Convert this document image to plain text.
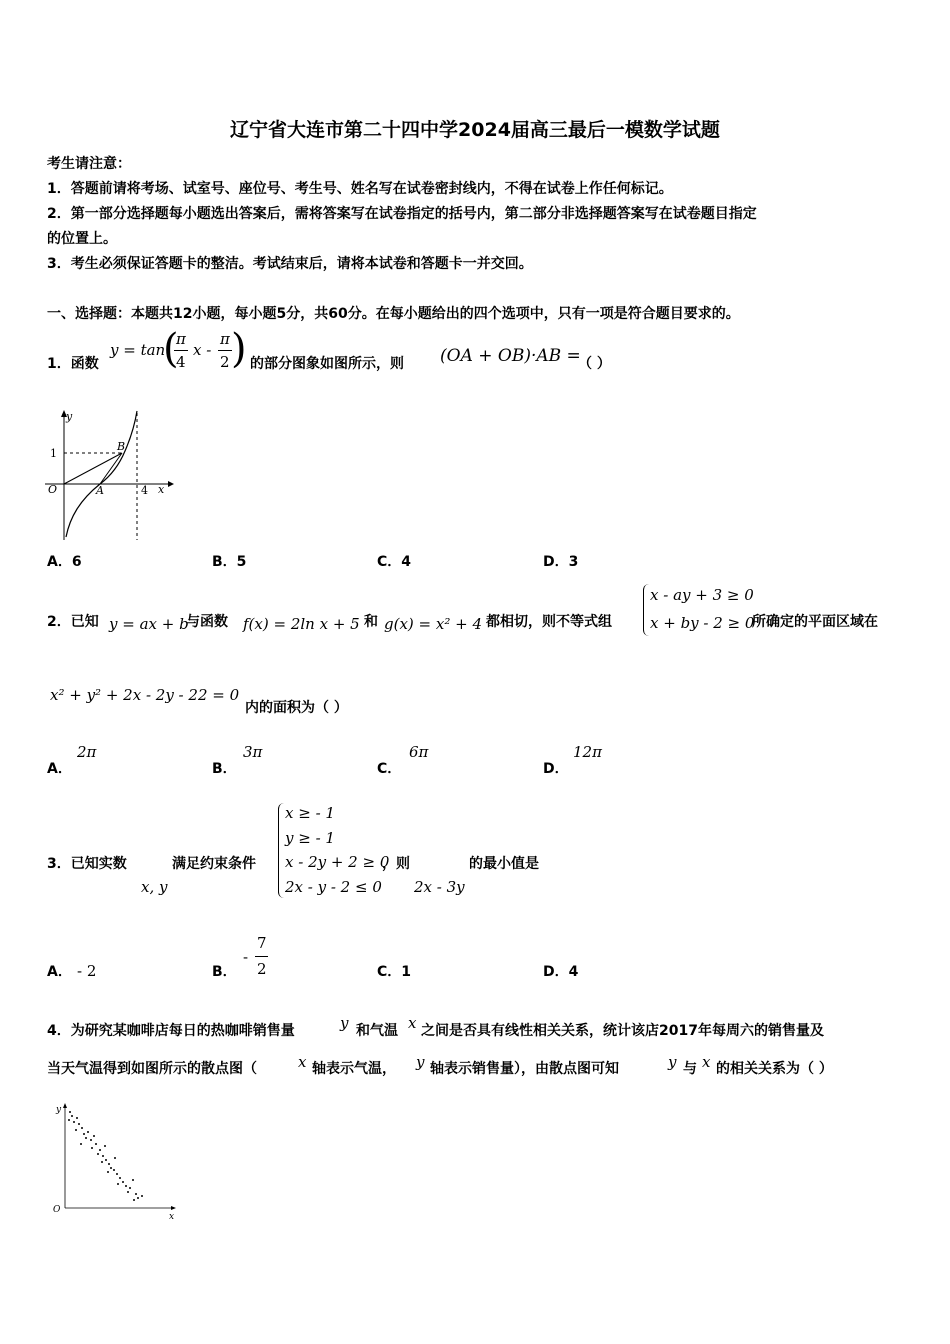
辽宁省大连市第二十四中学2024届高三最后一模数学试题
考生请注意：
1．答题前请将考场、试室号、座位号、考生号、姓名写在试卷密封线内，不得在试卷上作任何标记。
2．第一部分选择题每小题选出答案后，需将答案写在试卷指定的括号内，第二部分非选择题答案写在试卷题目指定
的位置上。
3．考生必须保证答题卡的整洁。考试结束后，请将本试卷和答题卡一并交回。
一、选择题：本题共12小题，每小题5分，共60分。在每小题给出的四个选项中，只有一项是符合题目要求的。
1．函数
y = tan
(
π
4
x -
π
2 ) 的部分图象如图所示，则 (OA + OB)·AB =
（ ）
y
x
1
O	A
B
4
A．6	B．5	C．4	D．3
2．已知 y = ax + b
与函数 f(x) = 2ln x + 5 和 g(x) = x² + 4 都相切，则不等式组
x - ay + 3 ≥ 0
x + by - 2 ≥ 0
所确定的平面区域在
x² + y² + 2x - 2y - 22 = 0
内的面积为（ ）
A．
2π
B．
3π
C．
6π
D．
12π
3．已知实数
x, y
满足约束条件
x ≥ - 1
y ≥ - 1
x - 2y + 2 ≥ 0
2x - y - 2 ≤ 0
，则
2x - 3y
的最小值是
A． - 2	B．
-
7
2	C．1	D．4
4．为研究某咖啡店每日的热咖啡销售量	y 和气温 x 之间是否具有线性相关关系，统计该店2017年每周六的销售量及
当天气温得到如图所示的散点图（	x 轴表示气温， y 轴表示销售量），由散点图可知	y 与 x 的相关关系为（ ）
y
x
O
